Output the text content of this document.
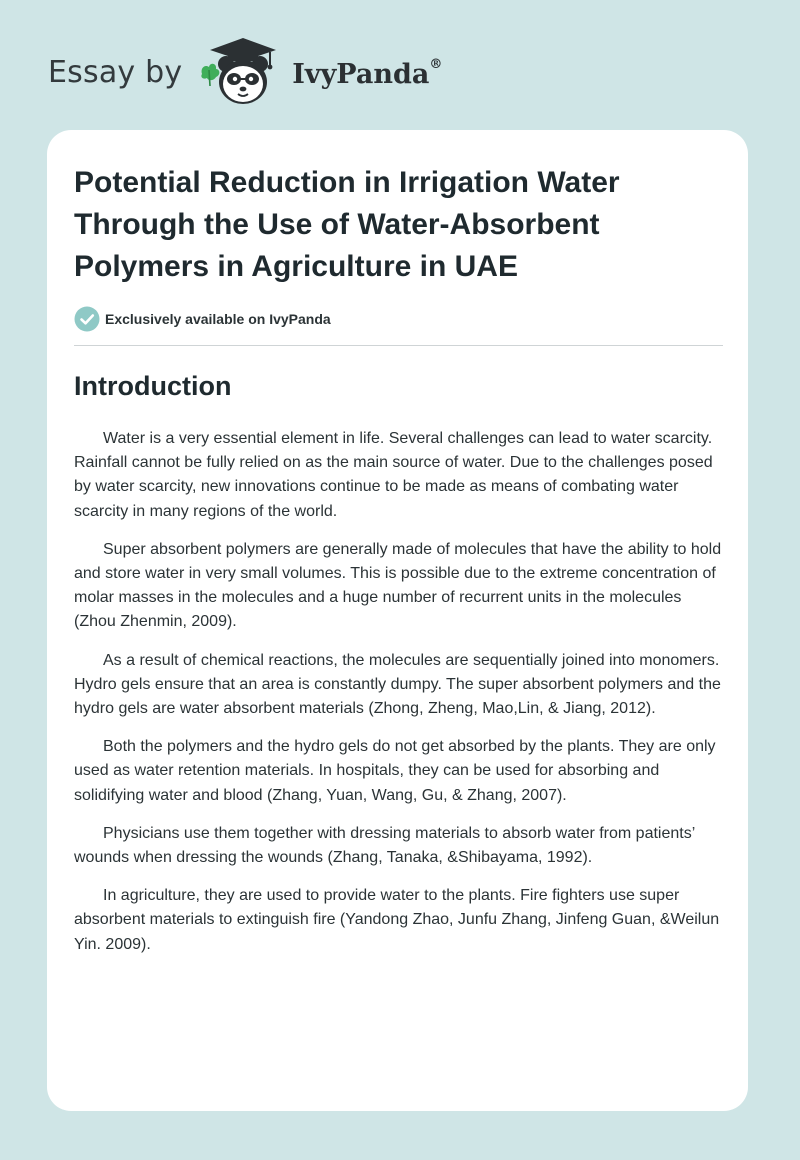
Essay by	IvyPanda®
Potential Reduction in Irrigation Water Through the Use of Water-Absorbent Polymers in Agriculture in UAE
Exclusively available on IvyPanda
Introduction

Water is a very essential element in life. Several challenges can lead to water scarcity. Rainfall cannot be fully relied on as the main source of water. Due to the challenges posed by water scarcity, new innovations continue to be made as means of combating water scarcity in many regions of the world.

Super absorbent polymers are generally made of molecules that have the ability to hold and store water in very small volumes. This is possible due to the extreme concentration of molar masses in the molecules and a huge number of recurrent units in the molecules (Zhou Zhenmin, 2009).

As a result of chemical reactions, the molecules are sequentially joined into monomers. Hydro gels ensure that an area is constantly dumpy. The super absorbent polymers and the hydro gels are water absorbent materials (Zhong, Zheng, Mao,Lin, & Jiang, 2012).

Both the polymers and the hydro gels do not get absorbed by the plants. They are only used as water retention materials. In hospitals, they can be used for absorbing and solidifying water and blood (Zhang, Yuan, Wang, Gu, & Zhang, 2007).

Physicians use them together with dressing materials to absorb water from patients’ wounds when dressing the wounds (Zhang, Tanaka, &Shibayama, 1992).

In agriculture, they are used to provide water to the plants. Fire fighters use super absorbent materials to extinguish fire (Yandong Zhao, Junfu Zhang, Jinfeng Guan, &Weilun Yin. 2009).
